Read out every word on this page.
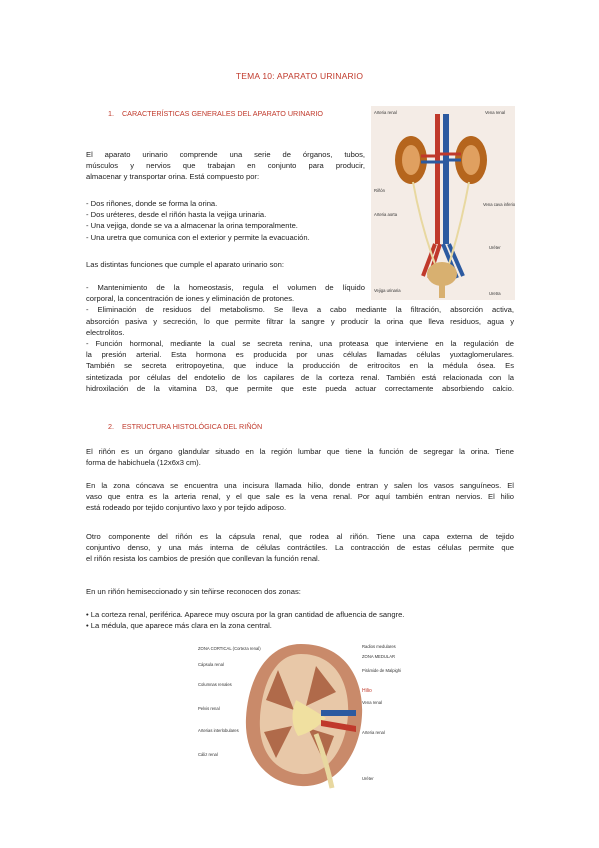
TEMA 10: APARATO URINARIO
1.    CARACTERÍSTICAS GENERALES DEL APARATO URINARIO
El aparato urinario comprende una serie de órganos, tubos,
músculos y nervios que trabajan en conjunto para producir,
almacenar y transportar orina. Está compuesto por:
- Dos riñones, donde se forma la orina.
- Dos uréteres, desde el riñón hasta la vejiga urinaria.
- Una vejiga, donde se va a almacenar la orina temporalmente.
- Una uretra que comunica con el exterior y permite la evacuación.
Las distintas funciones que cumple el aparato urinario son:
- Mantenimiento de la homeostasis, regula el volumen de líquido
corporal, la concentración de iones y eliminación de protones.
- Eliminación de residuos del metabolismo. Se lleva a cabo mediante la filtración, absorción activa,
absorción pasiva y secreción, lo que permite filtrar la sangre y producir la orina que lleva residuos, agua y
electrolitos.
- Función hormonal, mediante la cual se secreta renina, una proteasa que interviene en la regulación de
la presión arterial. Esta hormona es producida por unas células llamadas células yuxtaglomerulares.
También se secreta eritropoyetina, que induce la producción de eritrocitos en la médula ósea. Es
sintetizada por células del endotelio de los capilares de la corteza renal. También está relacionada con la
hidroxilación de la vitamina D3, que permite que este pueda actuar correctamente absorbiendo calcio.
Arteria renal	Vena renal
Riñón
Arteria aorta
Vena cava inferior
Uréter
Vejiga urinaria
Uretra
2.    ESTRUCTURA HISTOLÓGICA DEL RIÑÓN
El riñón es un órgano glandular situado en la región lumbar que tiene la función de segregar la orina. Tiene
forma de habichuela (12x6x3 cm).
En la zona cóncava se encuentra una incisura llamada hilio, donde entran y salen los vasos sanguíneos. El
vaso que entra es la arteria renal, y el que sale es la vena renal. Por aquí también entran nervios. El hilio
está rodeado por tejido conjuntivo laxo y por tejido adiposo.
Otro componente del riñón es la cápsula renal, que rodea al riñón. Tiene una capa externa de tejido
conjuntivo denso, y una más interna de células contráctiles. La contracción de estas células permite que
el riñón resista los cambios de presión que conllevan la función renal.
En un riñón hemiseccionado y sin teñirse reconocen dos zonas:
• La corteza renal, periférica. Aparece muy oscura por la gran cantidad de afluencia de sangre.
• La médula, que aparece más clara en la zona central.
ZONA CORTICAL (Corteza renal)
Cápsula renal
Columnas renales
Pelvis renal
Arterias interlobulares
Cáliz renal
Radios medulares
ZONA MEDULAR
Pirámide de Malpighi
Hilio
Vena renal
Arteria renal
Uréter
